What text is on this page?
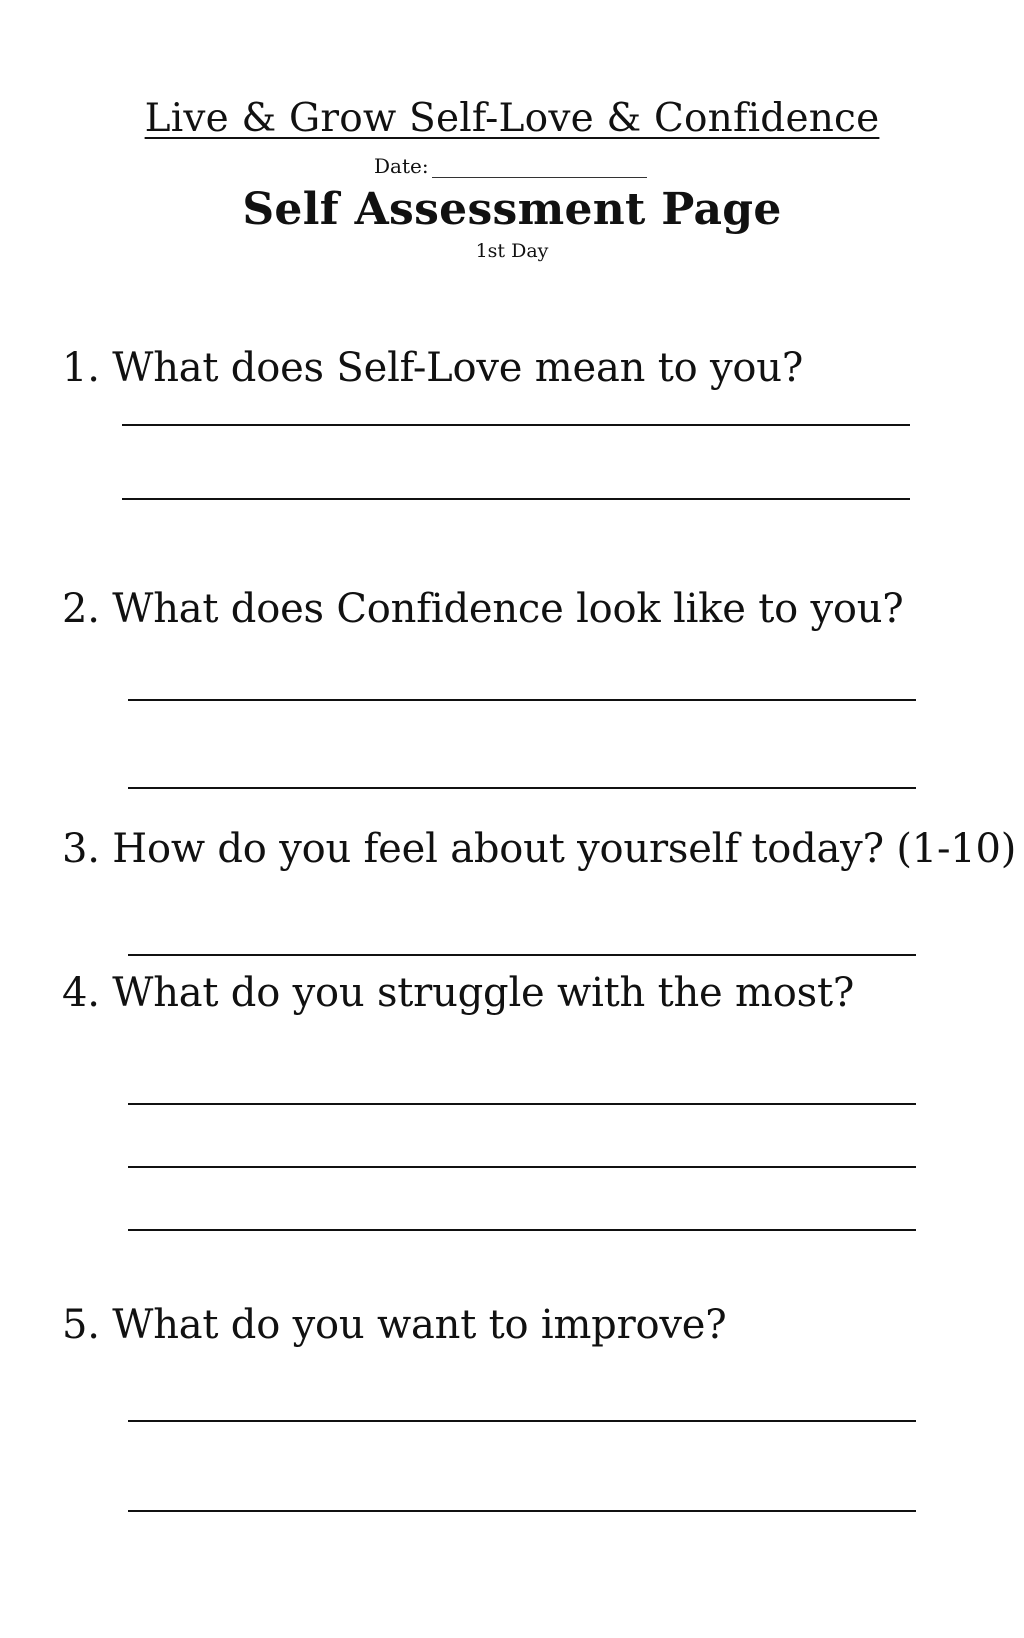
Live & Grow Self-Love & Confidence
Date:
Self Assessment Page
1st Day
1. What does Self-Love mean to you?
2. What does Confidence look like to you?
3. How do you feel about yourself today? (1-10)
4. What do you struggle with the most?
5. What do you want to improve?
